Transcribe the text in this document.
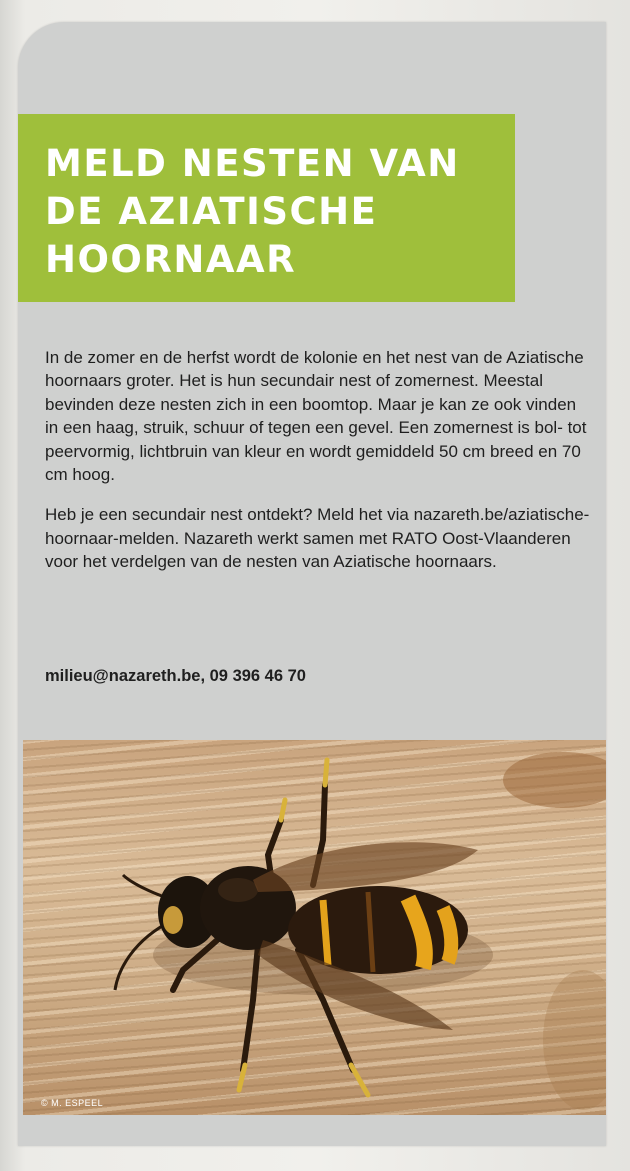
MELD NESTEN VAN DE AZIATISCHE HOORNAAR

In de zomer en de herfst wordt de kolonie en het nest van de Aziatische hoornaars groter. Het is hun secundair nest of zomernest. Meestal bevinden deze nesten zich in een boomtop. Maar je kan ze ook vinden in een haag, struik, schuur of tegen een gevel. Een zomernest is bol- tot peervormig, lichtbruin van kleur en wordt gemiddeld 50 cm breed en 70 cm hoog.

Heb je een secundair nest ontdekt? Meld het via nazareth.be/aziatische-hoornaar-melden. Nazareth werkt samen met RATO Oost-Vlaanderen voor het verdelgen van de nesten van Aziatische hoornaars.

milieu@nazareth.be, 09 396 46 70
© M. ESPEEL
